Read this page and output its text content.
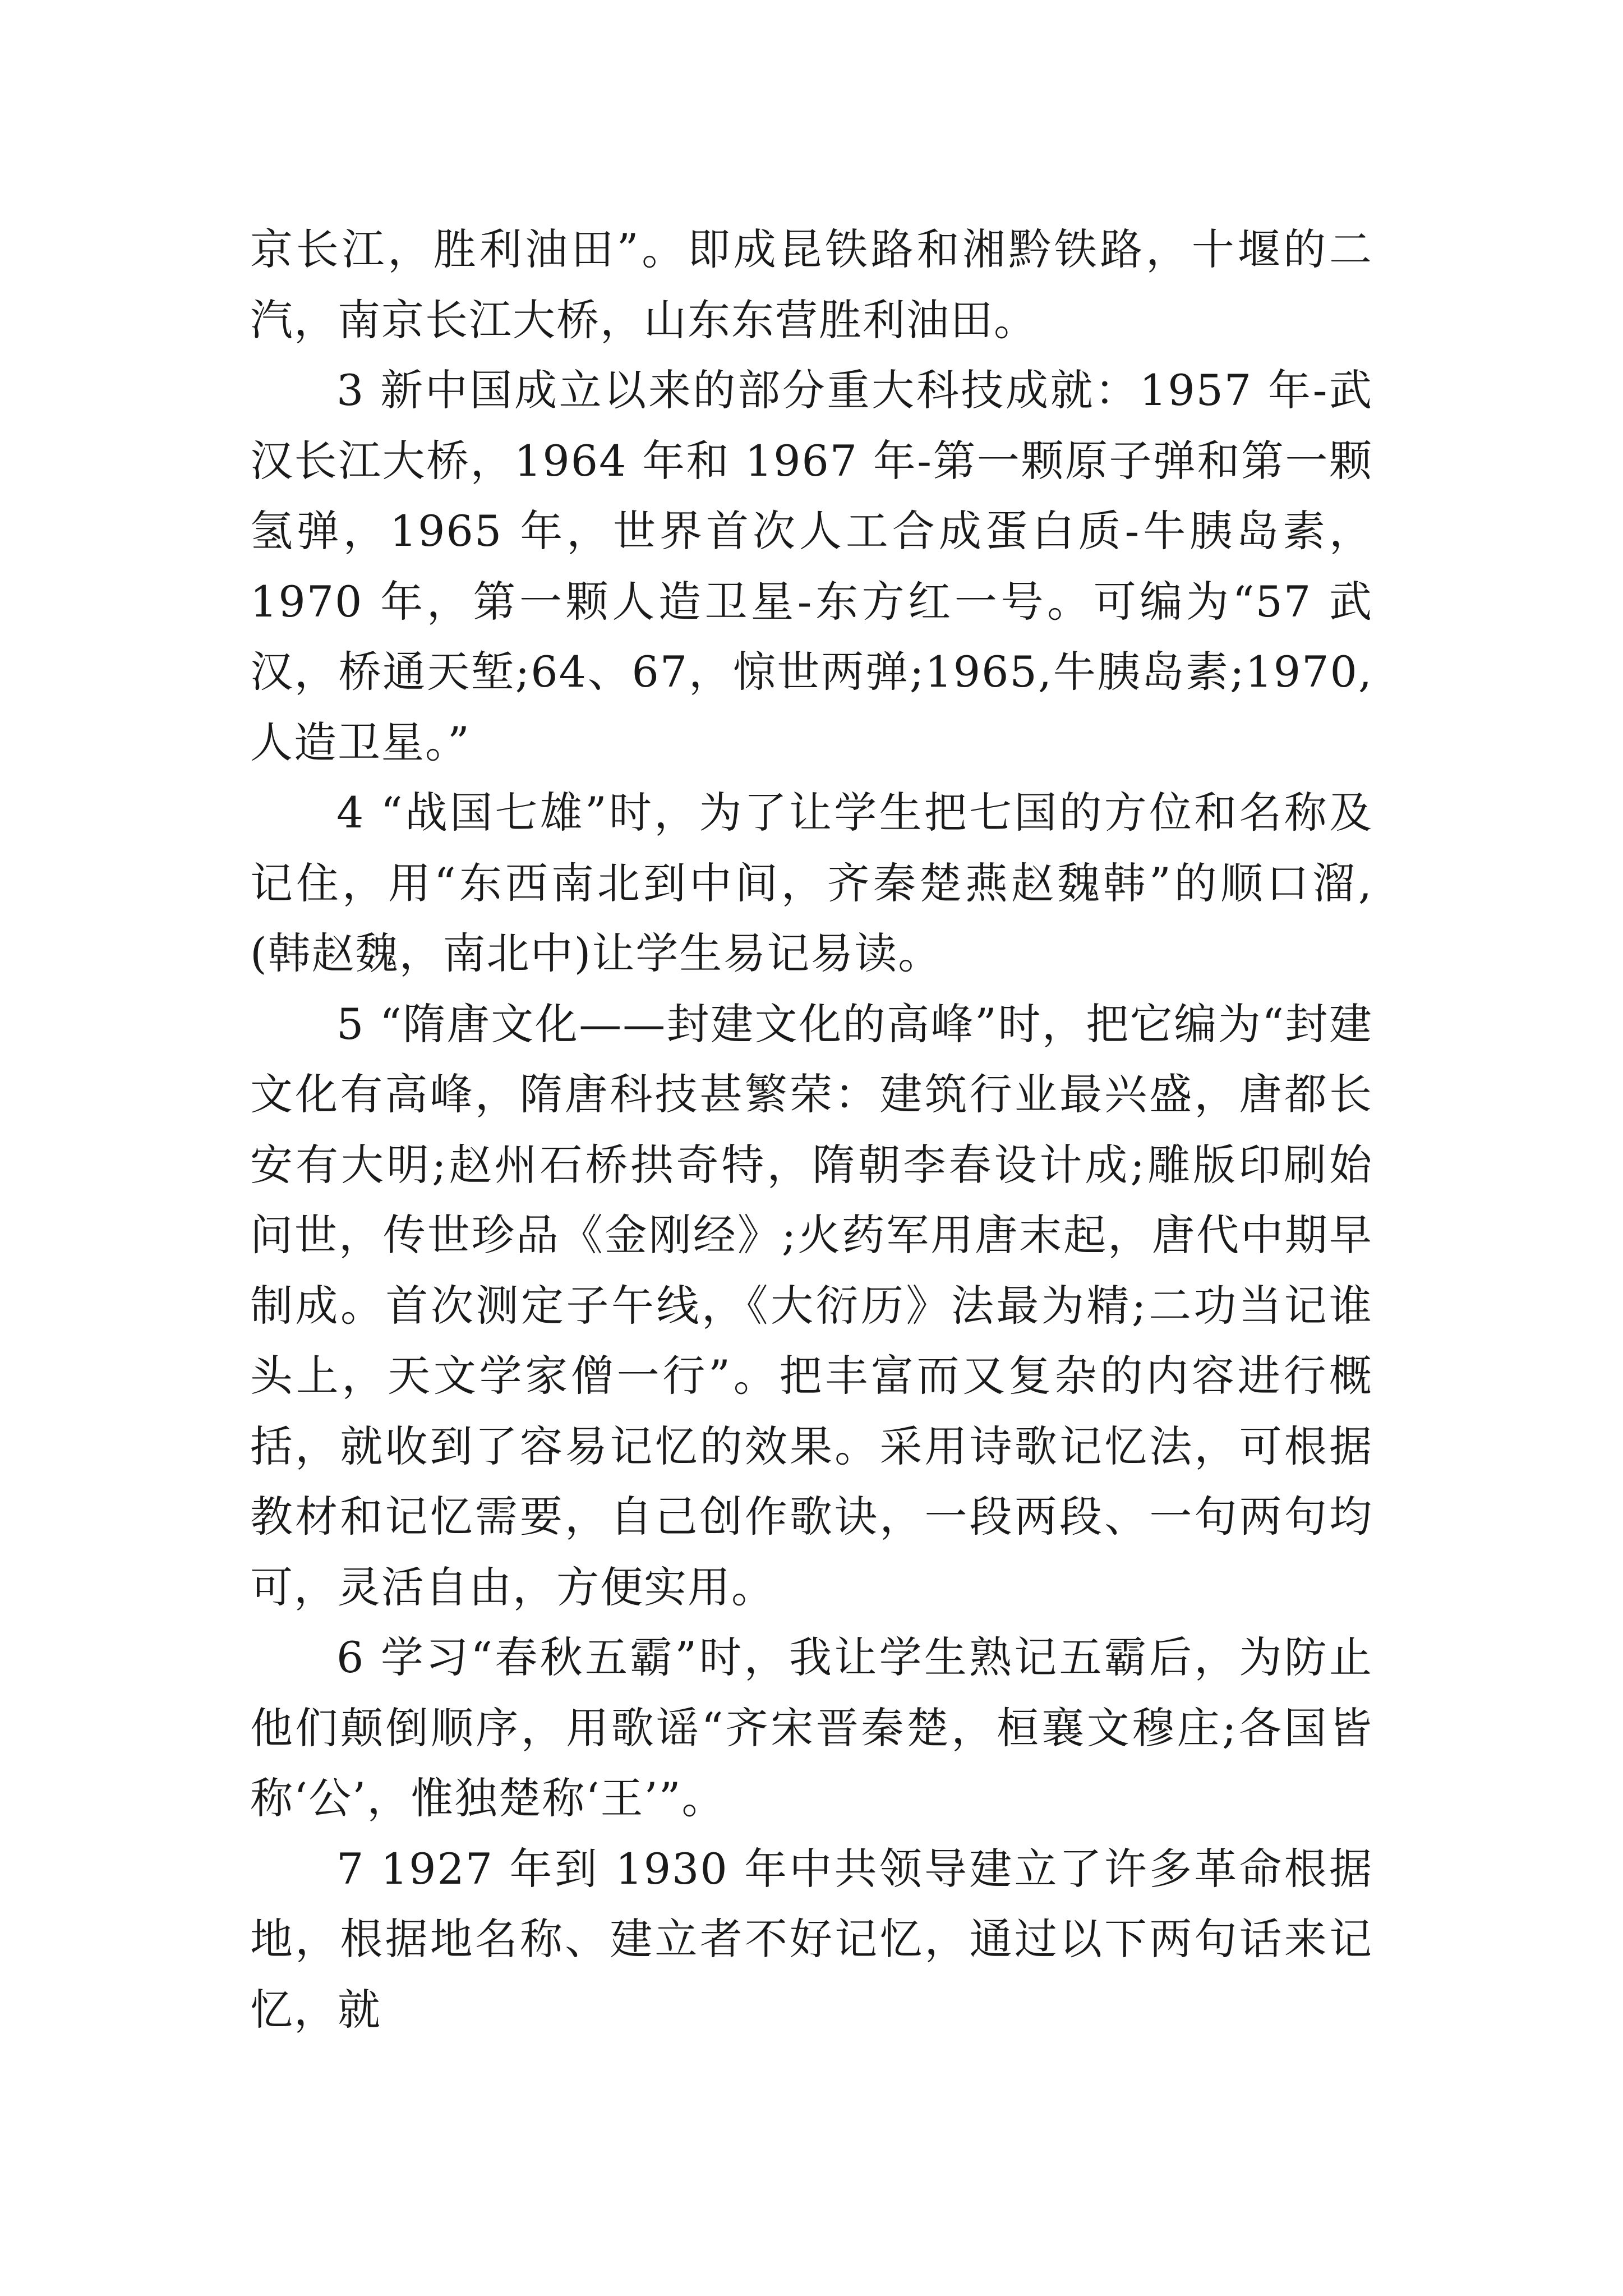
京长江，胜利油田”。即成昆铁路和湘黔铁路，十堰的二汽，南京长江大桥，山东东营胜利油田。

3 新中国成立以来的部分重大科技成就：1957 年-武汉长江大桥，1964 年和 1967 年-第一颗原子弹和第一颗氢弹，1965 年，世界首次人工合成蛋白质-牛胰岛素，1970 年，第一颗人造卫星-东方红一号。可编为“57 武汉，桥通天堑;64、67，惊世两弹;1965,牛胰岛素;1970,人造卫星。”

4 “战国七雄”时，为了让学生把七国的方位和名称及记住，用“东西南北到中间，齐秦楚燕赵魏韩”的顺口溜,(韩赵魏，南北中)让学生易记易读。

5 “隋唐文化——封建文化的高峰”时，把它编为“封建文化有高峰，隋唐科技甚繁荣：建筑行业最兴盛，唐都长安有大明;赵州石桥拱奇特，隋朝李春设计成;雕版印刷始问世，传世珍品《金刚经》;火药军用唐末起，唐代中期早制成。首次测定子午线，《大衍历》法最为精;二功当记谁头上，天文学家僧一行”。把丰富而又复杂的内容进行概括，就收到了容易记忆的效果。采用诗歌记忆法，可根据教材和记忆需要，自己创作歌诀，一段两段、一句两句均可，灵活自由，方便实用。

6 学习“春秋五霸”时，我让学生熟记五霸后，为防止他们颠倒顺序，用歌谣“齐宋晋秦楚，桓襄文穆庄;各国皆称‘公’，惟独楚称‘王’”。

7 1927 年到 1930 年中共领导建立了许多革命根据地，根据地名称、建立者不好记忆，通过以下两句话来记忆，就
